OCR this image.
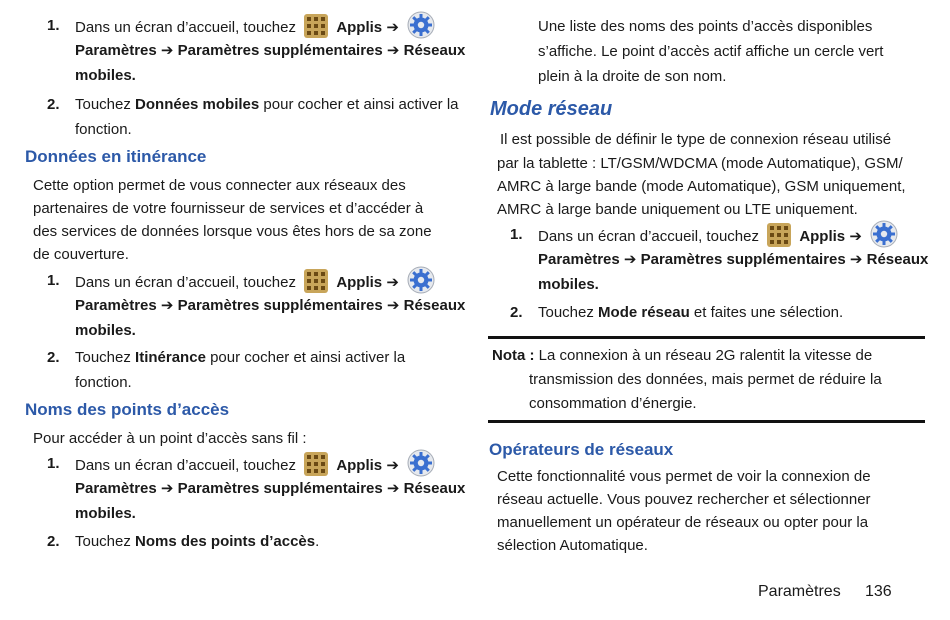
1. Dans un écran d’accueil, touchez	Applis ➔
Paramètres ➔ Paramètres supplémentaires ➔ Réseaux
mobiles.
2. Touchez Données mobiles pour cocher et ainsi activer la
fonction.
Données en itinérance
Cette option permet de vous connecter aux réseaux des
partenaires de votre fournisseur de services et d’accéder à
des services de données lorsque vous êtes hors de sa zone
de couverture.
1. Dans un écran d’accueil, touchez	Applis ➔
Paramètres ➔ Paramètres supplémentaires ➔ Réseaux
mobiles.
2. Touchez Itinérance pour cocher et ainsi activer la
fonction.
Noms des points d’accès
Pour accéder à un point d’accès sans fil :
1. Dans un écran d’accueil, touchez	Applis ➔
Paramètres ➔ Paramètres supplémentaires ➔ Réseaux
mobiles.
2. Touchez Noms des points d’accès.
Une liste des noms des points d’accès disponibles
s’affiche. Le point d’accès actif affiche un cercle vert
plein à la droite de son nom.
Mode réseau
Il est possible de définir le type de connexion réseau utilisé
par la tablette : LT/GSM/WDCMA (mode Automatique), GSM/
AMRC à large bande (mode Automatique), GSM uniquement,
AMRC à large bande uniquement ou LTE uniquement.
1. Dans un écran d’accueil, touchez	Applis ➔
Paramètres ➔ Paramètres supplémentaires ➔ Réseaux
mobiles.
2. Touchez Mode réseau et faites une sélection.
Nota : La connexion à un réseau 2G ralentit la vitesse de
transmission des données, mais permet de réduire la
consommation d’énergie.
Opérateurs de réseaux
Cette fonctionnalité vous permet de voir la connexion de
réseau actuelle. Vous pouvez rechercher et sélectionner
manuellement un opérateur de réseaux ou opter pour la
sélection Automatique.
Paramètres 136
